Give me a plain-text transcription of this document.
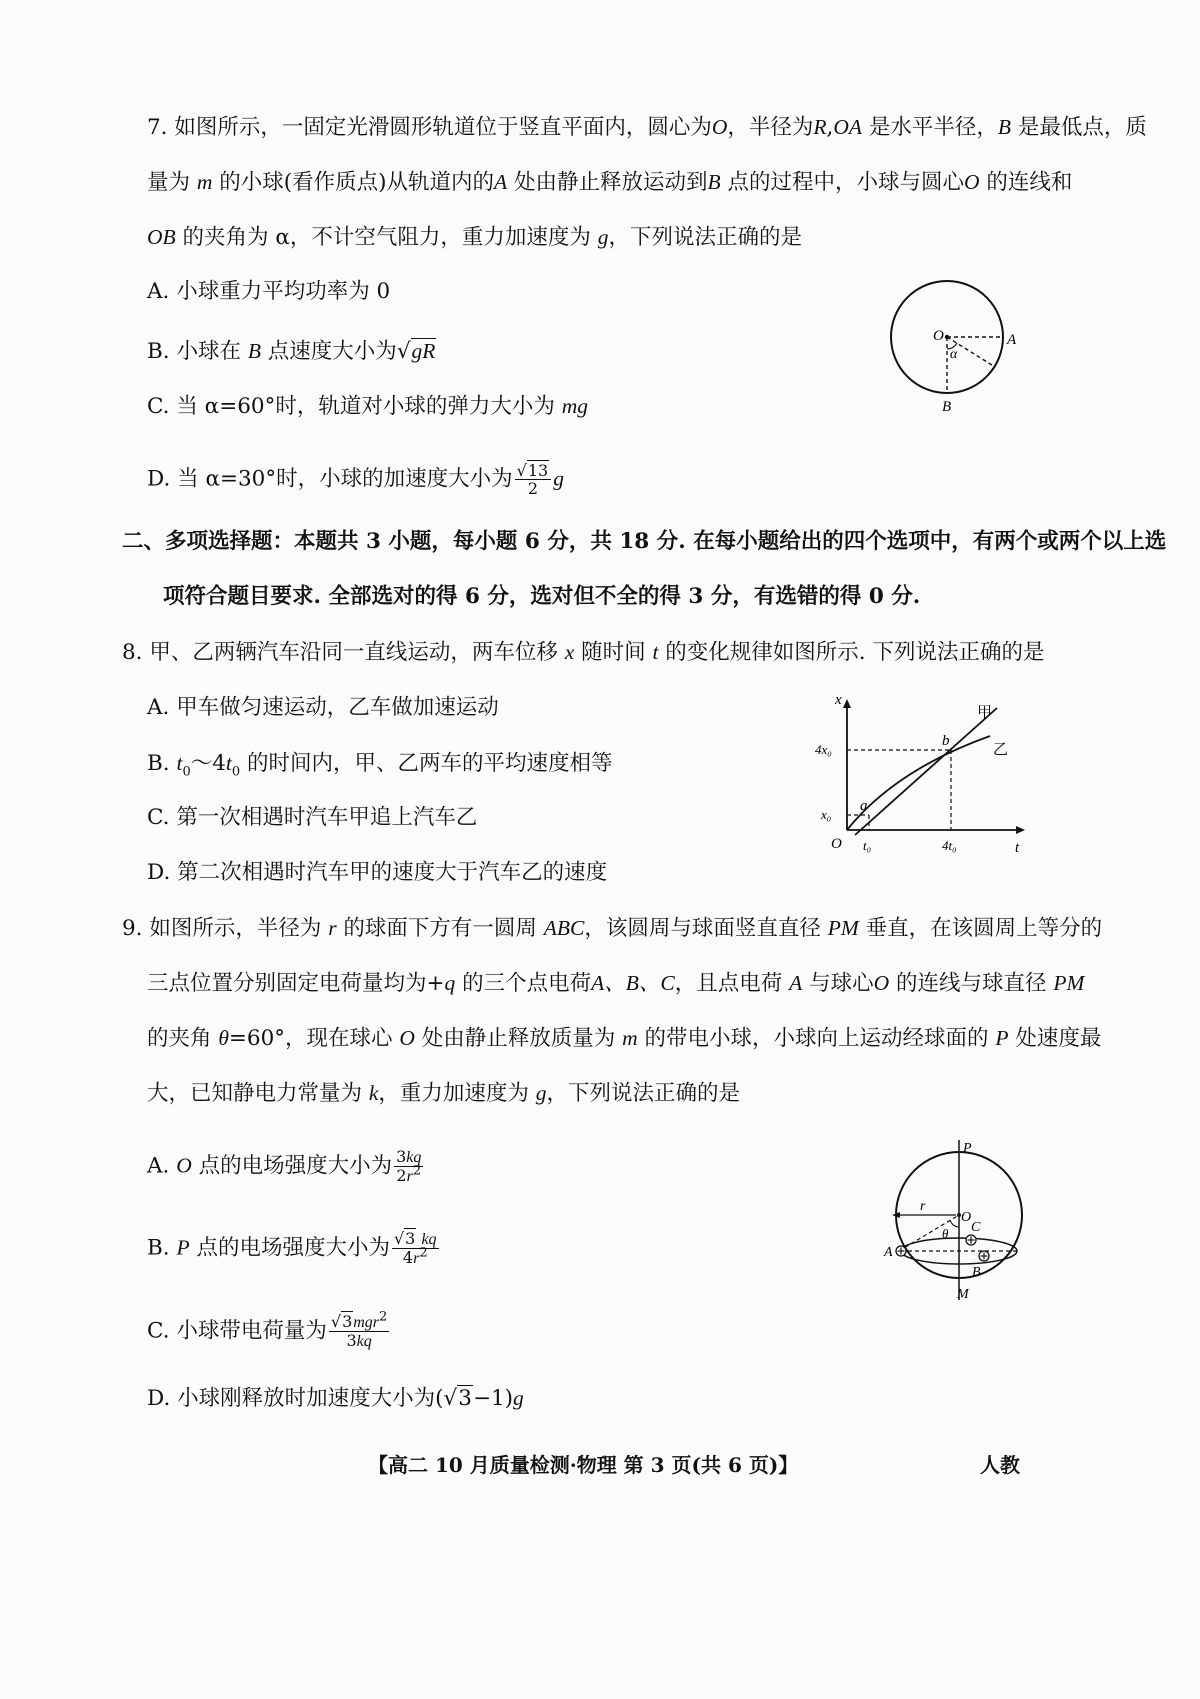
7. 如图所示，一固定光滑圆形轨道位于竖直平面内，圆心为O，半径为R,OA 是水平半径，B 是最低点，质
量为 m 的小球(看作质点)从轨道内的A 处由静止释放运动到B 点的过程中，小球与圆心O 的连线和
OB 的夹角为 α，不计空气阻力，重力加速度为 g，下列说法正确的是
A. 小球重力平均功率为 0
B. 小球在 B 点速度大小为√gR
C. 当 α=60°时，轨道对小球的弹力大小为 mg
D. 当 α=30°时，小球的加速度大小为 $\frac{√13}{2}$ g
O	A
B
α
二、多项选择题：本题共 3 小题，每小题 6 分，共 18 分. 在每小题给出的四个选项中，有两个或两个以上选
项符合题目要求. 全部选对的得 6 分，选对但不全的得 3 分，有选错的得 0 分.
8. 甲、乙两辆汽车沿同一直线运动，两车位移 x 随时间 t 的变化规律如图所示. 下列说法正确的是
A. 甲车做匀速运动，乙车做加速运动
B. $t_0\sim 4t_0$ 的时间内，甲、乙两车的平均速度相等
C. 第一次相遇时汽车甲追上汽车乙
D. 第二次相遇时汽车甲的速度大于汽车乙的速度
x
t
O
x₀
4x₀
t₀	4t₀
a
b
甲
乙
9. 如图所示，半径为 r 的球面下方有一圆周 ABC，该圆周与球面竖直直径 PM 垂直，在该圆周上等分的
三点位置分别固定电荷量均为+q 的三个点电荷A、B、C，且点电荷 A 与球心O 的连线与球直径 PM
的夹角 θ=60°，现在球心 O 处由静止释放质量为 m 的带电小球，小球向上运动经球面的 P 处速度最
大，已知静电力常量为 k，重力加速度为 g，下列说法正确的是
A. O 点的电场强度大小为 $\frac{3kq}{2r^2}$
B. P 点的电场强度大小为 $\frac{√3 kq}{4r^2}$
C. 小球带电荷量为 $\frac{√3mgr^2}{3kq}$
D. 小球刚释放时加速度大小为(√3−1)g
P
M
O
C
A
B
r
θ
【高二 10 月质量检测·物理 第 3 页(共 6 页)】	人教
